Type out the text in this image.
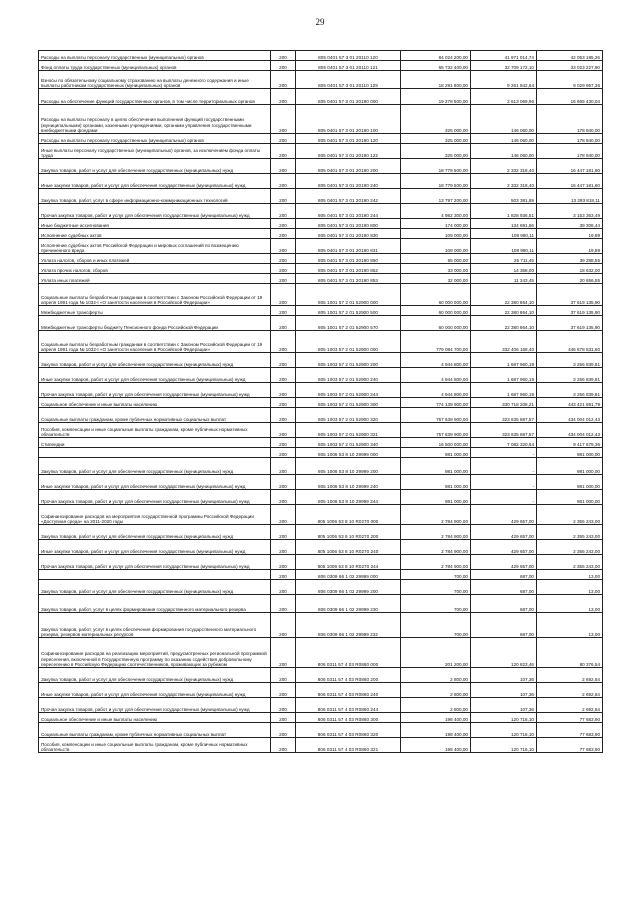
29
Расходы на выплаты персоналу государственных (муниципальных) органов	200	805 0401 57 3 01 20110 120	84 024 200,00	41 971 014,74	42 053 185,26
Фонд оплаты труда государственных (муниципальных) органов	200	805 0401 57 3 01 20110 121	65 732 400,00	32 709 172,10	33 023 227,90
Взносы по обязательному социальному страхованию на выплаты денежного содержания и иные выплаты работникам государственных (муниципальных) органов	200	805 0401 57 3 01 20110 129	18 291 800,00	9 261 842,64	9 029 957,36
Расходы на обеспечение функций государственных органов, в том числе территориальных органов	200	805 0401 57 3 01 20190 000	19 278 500,00	2 613 069,96	16 665 430,04
Расходы на выплаты персоналу в целях обеспечения выполнения функций государственными (муниципальными) органами, казенными учреждениями, органами управления государственными внебюджетными фондами	200	805 0401 57 3 01 20190 100	325 000,00	146 060,00	178 940,00
Расходы на выплаты персоналу государственных (муниципальных) органов	200	805 0401 57 3 01 20190 120	325 000,00	146 060,00	178 940,00
Иные выплаты персоналу государственных (муниципальных) органов, за исключением фонда оплаты труда	200	805 0401 57 3 01 20190 122	325 000,00	146 060,00	178 940,00
Закупка товаров, работ и услуг для обеспечения государственных (муниципальных) нужд	200	805 0401 57 3 01 20190 200	18 779 500,00	2 332 318,40	16 447 181,60
Иные закупки товаров, работ и услуг для обеспечения государственных (муниципальных) нужд	200	805 0401 57 3 01 20190 240	18 779 500,00	2 332 318,40	16 447 181,60
Закупка товаров, работ, услуг в сфере информационно-коммуникационных технологий	200	805 0401 57 3 01 20190 242	13 797 200,00	503 381,89	13 293 818,11
Прочая закупка товаров, работ и услуг для обеспечения государственных (муниципальных) нужд	200	805 0401 57 3 01 20190 244	4 982 300,00	1 828 936,51	3 153 363,49
Иные бюджетные ассигнования	200	805 0401 57 3 01 20190 800	174 000,00	134 691,56	39 308,44
Исполнение судебных актов	200	805 0401 57 3 01 20190 830	109 000,00	108 980,11	19,89
Исполнение судебных актов Российской Федерации и мировых соглашений по возмещению причиненного вреда	200	805 0401 57 3 01 20190 831	109 000,00	108 980,11	19,89
Уплата налогов, сборов и иных платежей	200	805 0401 57 3 01 20190 850	65 000,00	25 711,45	39 288,55
Уплата прочих налогов, сборов	200	805 0401 57 3 01 20190 852	33 000,00	14 368,00	18 632,00
Уплата иных платежей	200	805 0401 57 3 01 20190 853	32 000,00	11 343,45	20 656,55
Социальные выплаты безработным гражданам в соответствии с Законом Российской Федерации от 19 апреля 1991 года № 1032-I «О занятости населения в Российской Федерации»	200	805 1001 57 2 01 52900 000	60 000 000,00	22 380 864,10	37 619 135,90
Межбюджетные трансферты	200	805 1001 57 2 01 52900 500	60 000 000,00	22 380 864,10	37 619 135,90
Межбюджетные трансферты бюджету Пенсионного фонда Российской Федерации	200	805 1001 57 2 01 52900 570	60 000 000,00	22 380 864,10	37 619 135,90
Социальные выплаты безработным гражданам в соответствии с Законом Российской Федерации от 19 апреля 1991 года № 1032-I «О занятости населения в Российской Федерации»	200	805 1003 57 2 01 52900 000	779 084 700,00	332 406 168,40	446 678 531,60
Закупка товаров, работ и услуг для обеспечения государственных (муниципальных) нужд	200	805 1003 57 2 01 52900 200	4 944 800,00	1 687 960,19	3 256 839,81
Иные закупки товаров, работ и услуг для обеспечения государственных (муниципальных) нужд	200	805 1003 57 2 01 52900 240	4 944 800,00	1 687 960,19	3 256 839,81
Прочая закупка товаров, работ и услуг для обеспечения государственных (муниципальных) нужд	200	805 1003 57 2 01 52900 244	4 944 800,00	1 687 960,19	3 256 839,81
Социальное обеспечение и иные выплаты населению	200	805 1003 57 2 01 52900 300	774 139 900,00	330 718 208,21	443 421 691,79
Социальные выплаты гражданам, кроме публичных нормативных социальных выплат	200	805 1003 57 2 01 52900 320	757 639 900,00	323 635 887,57	434 004 012,43
Пособия, компенсации и иные социальные выплаты гражданам, кроме публичных нормативных обязательств	200	805 1003 57 2 01 52900 321	757 639 900,00	323 635 887,57	434 004 012,43
Стипендии	200	805 1003 57 2 01 52900 340	16 500 000,00	7 082 320,64	9 417 679,36
	200	805 1006 53 8 10 29999 000	981 000,00	-	981 000,00
Закупка товаров, работ и услуг для обеспечения государственных (муниципальных) нужд	200	805 1006 53 8 10 29999 200	981 000,00	-	981 000,00
Иные закупки товаров, работ и услуг для обеспечения государственных (муниципальных) нужд	200	805 1006 53 8 10 29999 240	981 000,00	-	981 000,00
Прочая закупка товаров, работ и услуг для обеспечения государственных (муниципальных) нужд	200	805 1006 53 8 10 29999 244	981 000,00	-	981 000,00
Софинансирование расходов на мероприятия государственной программы Российской Федерации «Доступная среда» на 2011-2020 годы	200	805 1006 53 8 10 R0270 000	2 784 900,00	429 657,00	2 355 243,00
Закупка товаров, работ и услуг для обеспечения государственных (муниципальных) нужд	200	805 1006 53 8 10 R0270 200	2 784 900,00	429 657,00	2 355 243,00
Иные закупки товаров, работ и услуг для обеспечения государственных (муниципальных) нужд	200	805 1006 53 8 10 R0270 240	2 784 900,00	429 657,00	2 355 243,00
Прочая закупка товаров, работ и услуг для обеспечения государственных (муниципальных) нужд	200	805 1006 53 8 10 R0270 244	2 784 900,00	429 657,00	2 355 243,00
	200	806 0309 66 1 02 29999 000	700,00	687,00	13,00
Закупка товаров, работ и услуг для обеспечения государственных (муниципальных) нужд	200	806 0309 66 1 02 29999 200	700,00	687,00	13,00
Закупка товаров, работ, услуг в целях формирования государственного материального резерва	200	806 0309 66 1 02 29999 230	700,00	687,00	13,00
Закупка товаров, работ, услуг в целях обеспечения формирования государственного материального резерва, резервов материальных ресурсов	200	806 0309 66 1 02 29999 232	700,00	687,00	13,00
Софинансирование расходов на реализацию мероприятий, предусмотренных региональной программой переселения, включенной в Государственную программу по оказанию содействия добровольному переселению в Российскую Федерацию соотечественников, проживающих за рубежом	200	806 0311 57 4 03 R0860 000	201 200,00	120 823,46	80 376,54
Закупка товаров, работ и услуг для обеспечения государственных (муниципальных) нужд	200	806 0311 57 4 03 R0860 200	2 800,00	107,36	2 692,64
Иные закупки товаров, работ и услуг для обеспечения государственных (муниципальных) нужд	200	806 0311 57 4 03 R0860 240	2 800,00	107,36	2 692,64
Прочая закупка товаров, работ и услуг для обеспечения государственных (муниципальных) нужд	200	806 0311 57 4 03 R0860 244	2 800,00	107,36	2 692,64
Социальное обеспечение и иные выплаты населению	200	806 0311 57 4 03 R0860 300	198 400,00	120 716,10	77 683,90
Социальные выплаты гражданам, кроме публичных нормативных социальных выплат	200	806 0311 57 4 03 R0860 320	198 400,00	120 716,10	77 683,90
Пособия, компенсации и иные социальные выплаты гражданам, кроме публичных нормативных обязательств	200	806 0311 57 4 03 R0860 321	198 400,00	120 716,10	77 683,90
